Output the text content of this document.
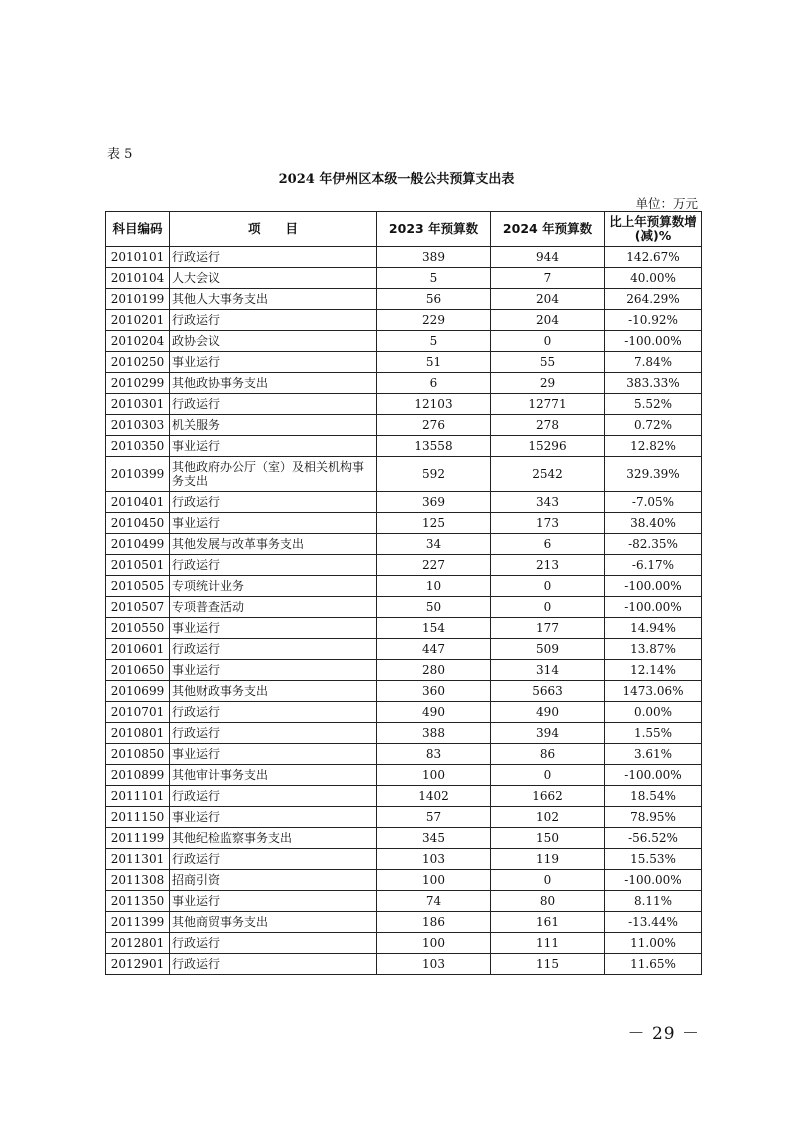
表 5
2024 年伊州区本级一般公共预算支出表
单位：万元
科目编码	项　　目	2023 年预算数	2024 年预算数	比上年预算数增(减)%
2010101	行政运行	389	944	142.67%
2010104	人大会议	5	7	40.00%
2010199	其他人大事务支出	56	204	264.29%
2010201	行政运行	229	204	-10.92%
2010204	政协会议	5	0	-100.00%
2010250	事业运行	51	55	7.84%
2010299	其他政协事务支出	6	29	383.33%
2010301	行政运行	12103	12771	5.52%
2010303	机关服务	276	278	0.72%
2010350	事业运行	13558	15296	12.82%
2010399	其他政府办公厅（室）及相关机构事务支出	592	2542	329.39%
2010401	行政运行	369	343	-7.05%
2010450	事业运行	125	173	38.40%
2010499	其他发展与改革事务支出	34	6	-82.35%
2010501	行政运行	227	213	-6.17%
2010505	专项统计业务	10	0	-100.00%
2010507	专项普查活动	50	0	-100.00%
2010550	事业运行	154	177	14.94%
2010601	行政运行	447	509	13.87%
2010650	事业运行	280	314	12.14%
2010699	其他财政事务支出	360	5663	1473.06%
2010701	行政运行	490	490	0.00%
2010801	行政运行	388	394	1.55%
2010850	事业运行	83	86	3.61%
2010899	其他审计事务支出	100	0	-100.00%
2011101	行政运行	1402	1662	18.54%
2011150	事业运行	57	102	78.95%
2011199	其他纪检监察事务支出	345	150	-56.52%
2011301	行政运行	103	119	15.53%
2011308	招商引资	100	0	-100.00%
2011350	事业运行	74	80	8.11%
2011399	其他商贸事务支出	186	161	-13.44%
2012801	行政运行	100	111	11.00%
2012901	行政运行	103	115	11.65%
－ 29 －
